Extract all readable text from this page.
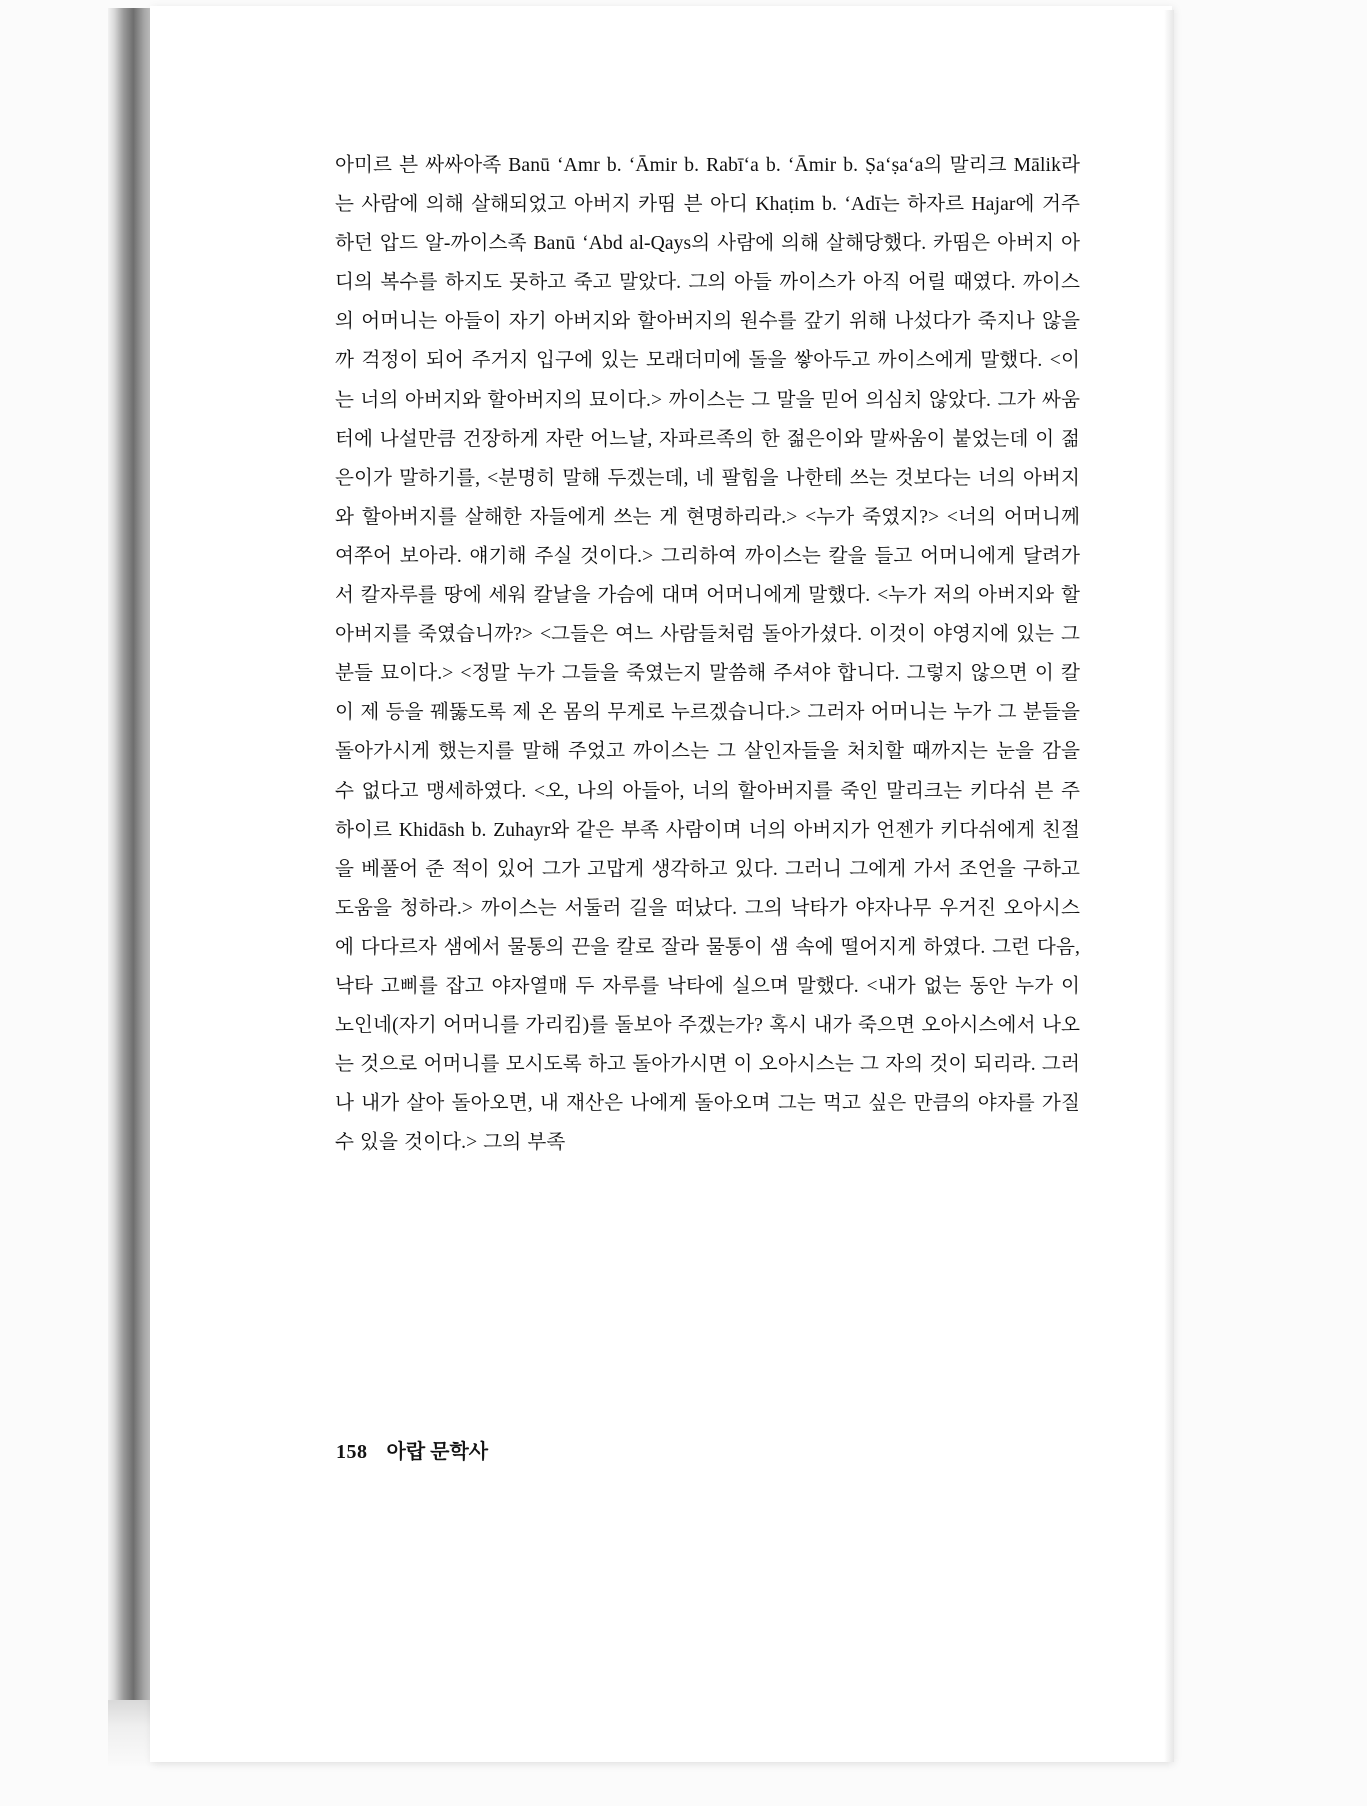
아미르 븐 싸싸아족 Banū ‘Amr b. ‘Āmir b. Rabī‘a b. ‘Āmir b. Ṣa‘ṣa‘a의 말리크 Mālik라는 사람에 의해 살해되었고 아버지 카띰 븐 아디 Khaṭim b. ‘Adī는 하자르 Hajar에 거주하던 압드 알-까이스족 Banū ‘Abd al-Qays의 사람에 의해 살해당했다. 카띰은 아버지 아디의 복수를 하지도 못하고 죽고 말았다. 그의 아들 까이스가 아직 어릴 때였다. 까이스의 어머니는 아들이 자기 아버지와 할아버지의 원수를 갚기 위해 나섰다가 죽지나 않을까 걱정이 되어 주거지 입구에 있는 모래더미에 돌을 쌓아두고 까이스에게 말했다. <이는 너의 아버지와 할아버지의 묘이다.> 까이스는 그 말을 믿어 의심치 않았다. 그가 싸움터에 나설만큼 건장하게 자란 어느날, 자파르족의 한 젊은이와 말싸움이 붙었는데 이 젊은이가 말하기를, <분명히 말해 두겠는데, 네 팔힘을 나한테 쓰는 것보다는 너의 아버지와 할아버지를 살해한 자들에게 쓰는 게 현명하리라.> <누가 죽였지?> <너의 어머니께 여쭈어 보아라. 얘기해 주실 것이다.> 그리하여 까이스는 칼을 들고 어머니에게 달려가서 칼자루를 땅에 세워 칼날을 가슴에 대며 어머니에게 말했다. <누가 저의 아버지와 할아버지를 죽였습니까?> <그들은 여느 사람들처럼 돌아가셨다. 이것이 야영지에 있는 그분들 묘이다.> <정말 누가 그들을 죽였는지 말씀해 주셔야 합니다. 그렇지 않으면 이 칼이 제 등을 꿰뚫도록 제 온 몸의 무게로 누르겠습니다.> 그러자 어머니는 누가 그 분들을 돌아가시게 했는지를 말해 주었고 까이스는 그 살인자들을 처치할 때까지는 눈을 감을 수 없다고 맹세하였다. <오, 나의 아들아, 너의 할아버지를 죽인 말리크는 키다쉬 븐 주하이르 Khidāsh b. Zuhayr와 같은 부족 사람이며 너의 아버지가 언젠가 키다쉬에게 친절을 베풀어 준 적이 있어 그가 고맙게 생각하고 있다. 그러니 그에게 가서 조언을 구하고 도움을 청하라.> 까이스는 서둘러 길을 떠났다. 그의 낙타가 야자나무 우거진 오아시스에 다다르자 샘에서 물통의 끈을 칼로 잘라 물통이 샘 속에 떨어지게 하였다. 그런 다음, 낙타 고삐를 잡고 야자열매 두 자루를 낙타에 실으며 말했다. <내가 없는 동안 누가 이 노인네(자기 어머니를 가리킴)를 돌보아 주겠는가? 혹시 내가 죽으면 오아시스에서 나오는 것으로 어머니를 모시도록 하고 돌아가시면 이 오아시스는 그 자의 것이 되리라. 그러나 내가 살아 돌아오면, 내 재산은 나에게 돌아오며 그는 먹고 싶은 만큼의 야자를 가질 수 있을 것이다.> 그의 부족

158 아랍 문학사
